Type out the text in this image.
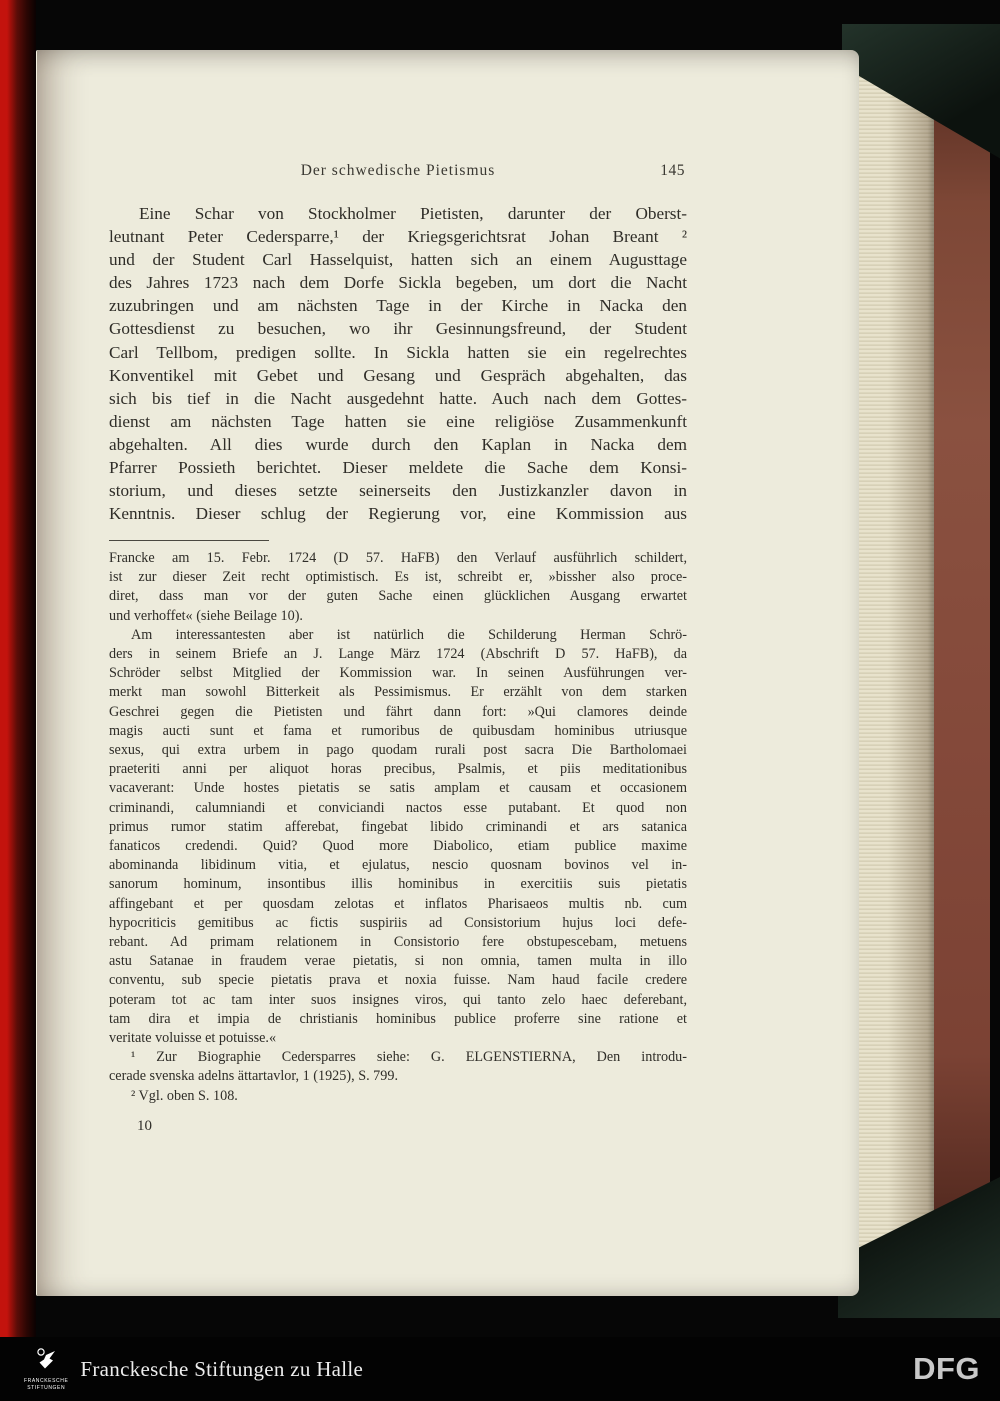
Der schwedische Pietismus	145
Eine Schar von Stockholmer Pietisten, darunter der Oberst-
leutnant Peter Cedersparre,¹ der Kriegsgerichtsrat Johan Breant ²
und der Student Carl Hasselquist, hatten sich an einem Augusttage
des Jahres 1723 nach dem Dorfe Sickla begeben, um dort die Nacht
zuzubringen und am nächsten Tage in der Kirche in Nacka den
Gottesdienst zu besuchen, wo ihr Gesinnungsfreund, der Student
Carl Tellbom, predigen sollte. In Sickla hatten sie ein regelrechtes
Konventikel mit Gebet und Gesang und Gespräch abgehalten, das
sich bis tief in die Nacht ausgedehnt hatte. Auch nach dem Gottes-
dienst am nächsten Tage hatten sie eine religiöse Zusammenkunft
abgehalten. All dies wurde durch den Kaplan in Nacka dem
Pfarrer Possieth berichtet. Dieser meldete die Sache dem Konsi-
storium, und dieses setzte seinerseits den Justizkanzler davon in
Kenntnis. Dieser schlug der Regierung vor, eine Kommission aus
Francke am 15. Febr. 1724 (D 57. HaFB) den Verlauf ausführlich schildert,
ist zur dieser Zeit recht optimistisch. Es ist, schreibt er, »bissher also proce-
diret, dass man vor der guten Sache einen glücklichen Ausgang erwartet
und verhoffet« (siehe Beilage 10).
Am interessantesten aber ist natürlich die Schilderung Herman Schrö-
ders in seinem Briefe an J. Lange März 1724 (Abschrift D 57. HaFB), da
Schröder selbst Mitglied der Kommission war. In seinen Ausführungen ver-
merkt man sowohl Bitterkeit als Pessimismus. Er erzählt von dem starken
Geschrei gegen die Pietisten und fährt dann fort: »Qui clamores deinde
magis aucti sunt et fama et rumoribus de quibusdam hominibus utriusque
sexus, qui extra urbem in pago quodam rurali post sacra Die Bartholomaei
praeteriti anni per aliquot horas precibus, Psalmis, et piis meditationibus
vacaverant: Unde hostes pietatis se satis amplam et causam et occasionem
criminandi, calumniandi et conviciandi nactos esse putabant. Et quod non
primus rumor statim afferebat, fingebat libido criminandi et ars satanica
fanaticos credendi. Quid? Quod more Diabolico, etiam publice maxime
abominanda libidinum vitia, et ejulatus, nescio quosnam bovinos vel in-
sanorum hominum, insontibus illis hominibus in exercitiis suis pietatis
affingebant et per quosdam zelotas et inflatos Pharisaeos multis nb. cum
hypocriticis gemitibus ac fictis suspiriis ad Consistorium hujus loci defe-
rebant. Ad primam relationem in Consistorio fere obstupescebam, metuens
astu Satanae in fraudem verae pietatis, si non omnia, tamen multa in illo
conventu, sub specie pietatis prava et noxia fuisse. Nam haud facile credere
poteram tot ac tam inter suos insignes viros, qui tanto zelo haec deferebant,
tam dira et impia de christianis hominibus publice proferre sine ratione et
veritate voluisse et potuisse.«
¹ Zur Biographie Cedersparres siehe: G. ELGENSTIERNA, Den introdu-
cerade svenska adelns ättartavlor, 1 (1925), S. 799.
² Vgl. oben S. 108.
10
FRANCKESCHE
STIFTUNGEN
Franckesche Stiftungen zu Halle	DFG
